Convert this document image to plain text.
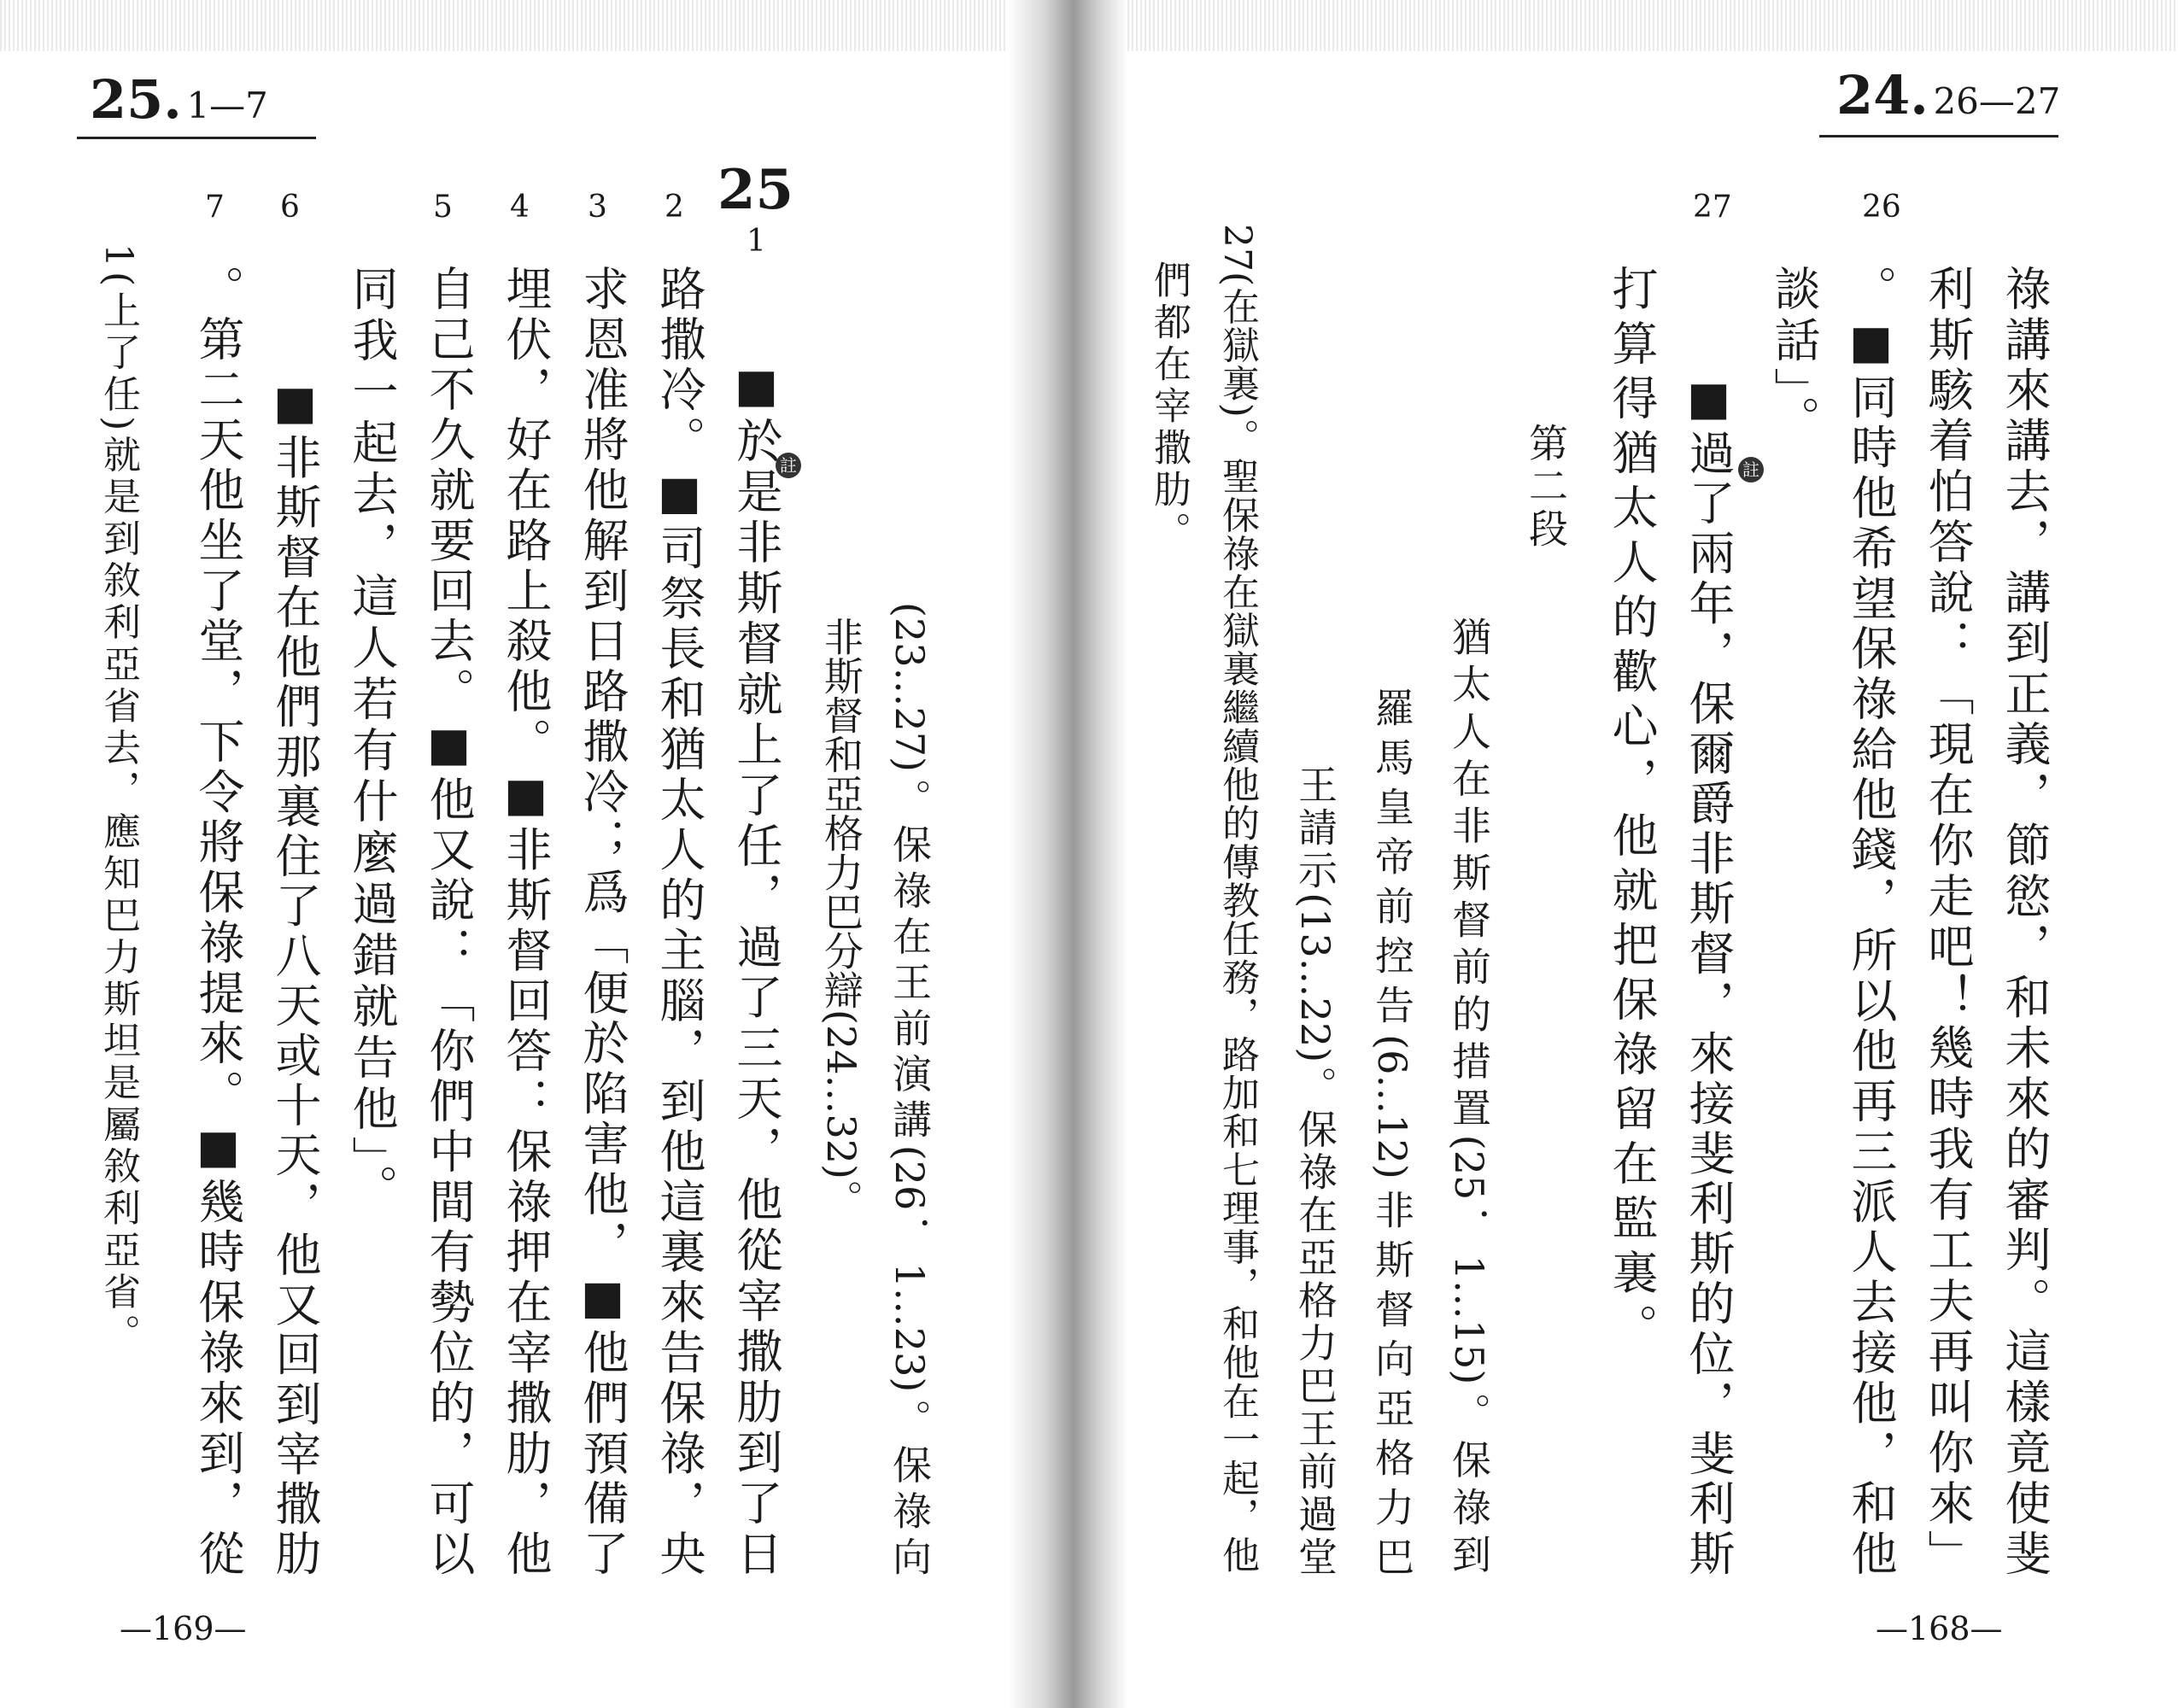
25. 1—7
25
1
2
3
4
5
6
7
(23…27)。保祿在王前演講(26．1…23)。保祿向
非斯督和亞格力巴分辯(24…32)。
註
■於是非斯督就上了任，過了三天，他從宰撒肋到了日
路撒冷。■司祭長和猶太人的主腦，到他這裏來告保祿，央
求恩准將他解到日路撒冷；爲「便於陷害他，■他們預備了
埋伏，好在路上殺他。■非斯督回答：保祿押在宰撒肋，他
自己不久就要回去。■他又說：「你們中間有勢位的，可以
同我一起去，這人若有什麼過錯就告他」。
■非斯督在他們那裏住了八天或十天，他又回到宰撒肋
。第二天他坐了堂，下令將保祿提來。■幾時保祿來到，從
1(上了任)就是到敘利亞省去，應知巴力斯坦是屬敘利亞省。
—169—
24. 26—27
26
27
祿講來講去，講到正義，節慾，和未來的審判。這樣竟使斐
利斯駭着怕答說：「現在你走吧！幾時我有工夫再叫你來」
。■同時他希望保祿給他錢，所以他再三派人去接他，和他
談話」。
註
■過了兩年，保爾爵非斯督，來接斐利斯的位，斐利斯
打算得猶太人的歡心，他就把保祿留在監裏。
第二段
猶太人在非斯督前的措置(25．1…15)。保祿到
羅馬皇帝前控告(6…12)非斯督向亞格力巴
王請示(13…22)。保祿在亞格力巴王前過堂
27(在獄裏)。聖保祿在獄裏繼續他的傳教任務，路加和七理事，和他在一起，他
們都在宰撒肋。
—168—
